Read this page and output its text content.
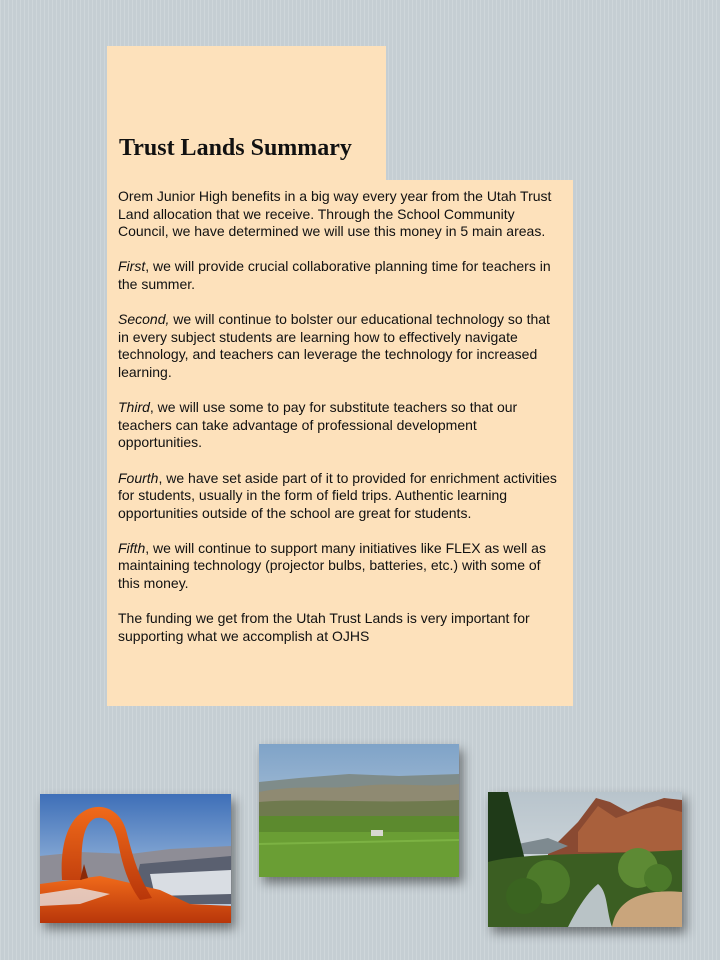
Trust Lands Summary

Orem Junior High benefits in a big way every year from the Utah Trust Land allocation that we receive. Through the School Community Council, we have determined we will use this money in 5 main areas.

First, we will provide crucial collaborative planning time for teachers in the summer.

Second, we will continue to bolster our educational technology so that in every subject students are learning how to effectively navigate technology, and teachers can leverage the technology for increased learning.

Third, we will use some to pay for substitute teachers so that our teachers can take advantage of professional development opportunities.

Fourth, we have set aside part of it to provided for enrichment activities for students, usually in the form of field trips. Authentic learning opportunities outside of the school are great for students.

Fifth, we will continue to support many initiatives like FLEX as well as maintaining technology (projector bulbs, batteries, etc.) with some of this money.

The funding we get from the Utah Trust Lands is very important for supporting what we accomplish at OJHS
